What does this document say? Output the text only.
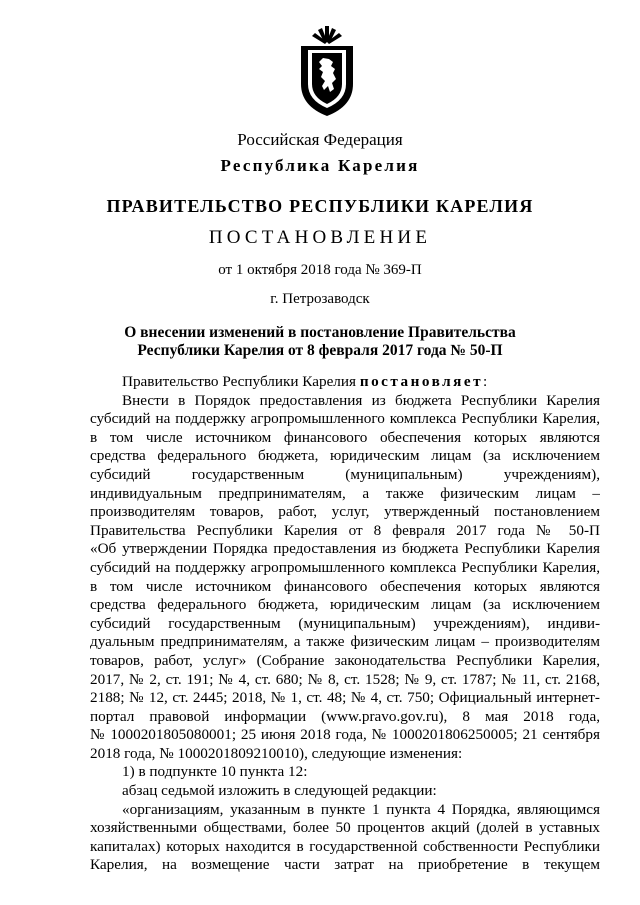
Российская Федерация
Республика Карелия
ПРАВИТЕЛЬСТВО РЕСПУБЛИКИ КАРЕЛИЯ
ПОСТАНОВЛЕНИЕ
от 1 октября 2018 года № 369-П
г. Петрозаводск
О внесении изменений в постановление Правительства
Республики Карелия от 8 февраля 2017 года № 50-П
Правительство Республики Карелия постановляет:
Внести в Порядок предоставления из бюджета Республики Карелия
субсидий на поддержку агропромышленного комплекса Республики Карелия,
в том числе источником финансового обеспечения которых являются
средства федерального бюджета, юридическим лицам (за исключением
субсидий государственным (муниципальным) учреждениям),
индивидуальным предпринимателям, а также физическим лицам –
производителям товаров, работ, услуг, утвержденный постановлением
Правительства Республики Карелия от 8 февраля 2017 года № 50-П
«Об утверждении Порядка предоставления из бюджета Республики Карелия
субсидий на поддержку агропромышленного комплекса Республики Карелия,
в том числе источником финансового обеспечения которых являются
средства федерального бюджета, юридическим лицам (за исключением
субсидий государственным (муниципальным) учреждениям), индиви-
дуальным предпринимателям, а также физическим лицам – производителям
товаров, работ, услуг» (Собрание законодательства Республики Карелия,
2017, № 2, ст. 191; № 4, ст. 680; № 8, ст. 1528; № 9, ст. 1787; № 11, ст. 2168,
2188; № 12, ст. 2445; 2018, № 1, ст. 48; № 4, ст. 750; Официальный интернет-
портал правовой информации (www.pravo.gov.ru), 8 мая 2018 года,
№ 1000201805080001; 25 июня 2018 года, № 1000201806250005; 21 сентября
2018 года, № 1000201809210010), следующие изменения:
1) в подпункте 10 пункта 12:
абзац седьмой изложить в следующей редакции:
«организациям, указанным в пункте 1 пункта 4 Порядка, являющимся
хозяйственными обществами, более 50 процентов акций (долей в уставных
капиталах) которых находится в государственной собственности Республики
Карелия, на возмещение части затрат на приобретение в текущем
